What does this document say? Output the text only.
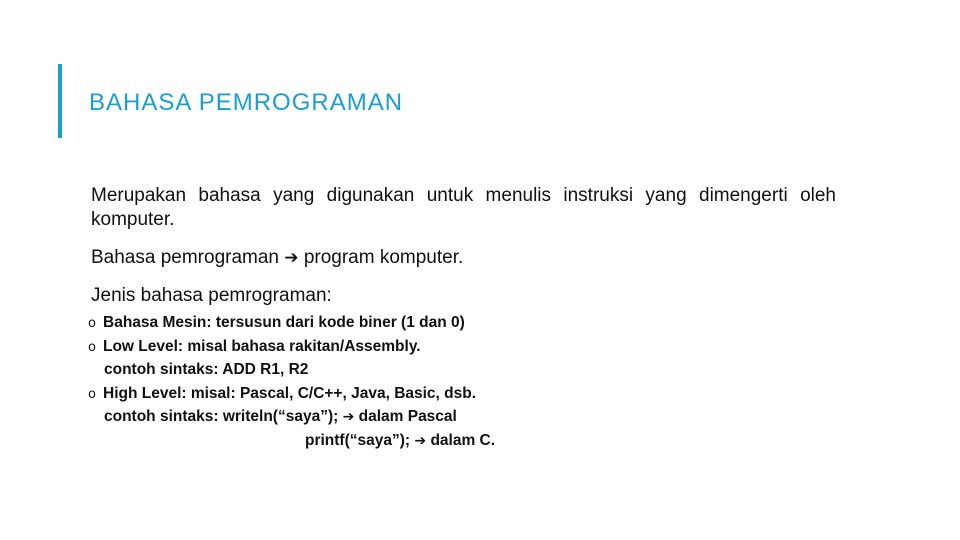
BAHASA PEMROGRAMAN
Merupakan bahasa yang digunakan untuk menulis instruksi yang dimengerti oleh komputer.
Bahasa pemrograman ➔ program komputer.
Jenis bahasa pemrograman:
o Bahasa Mesin: tersusun dari kode biner (1 dan 0)
o Low Level: misal bahasa rakitan/Assembly.
contoh sintaks: ADD R1, R2
o High Level: misal: Pascal, C/C++, Java, Basic, dsb.
contoh sintaks: writeln(“saya”); ➔ dalam Pascal
printf(“saya”); ➔ dalam C.
